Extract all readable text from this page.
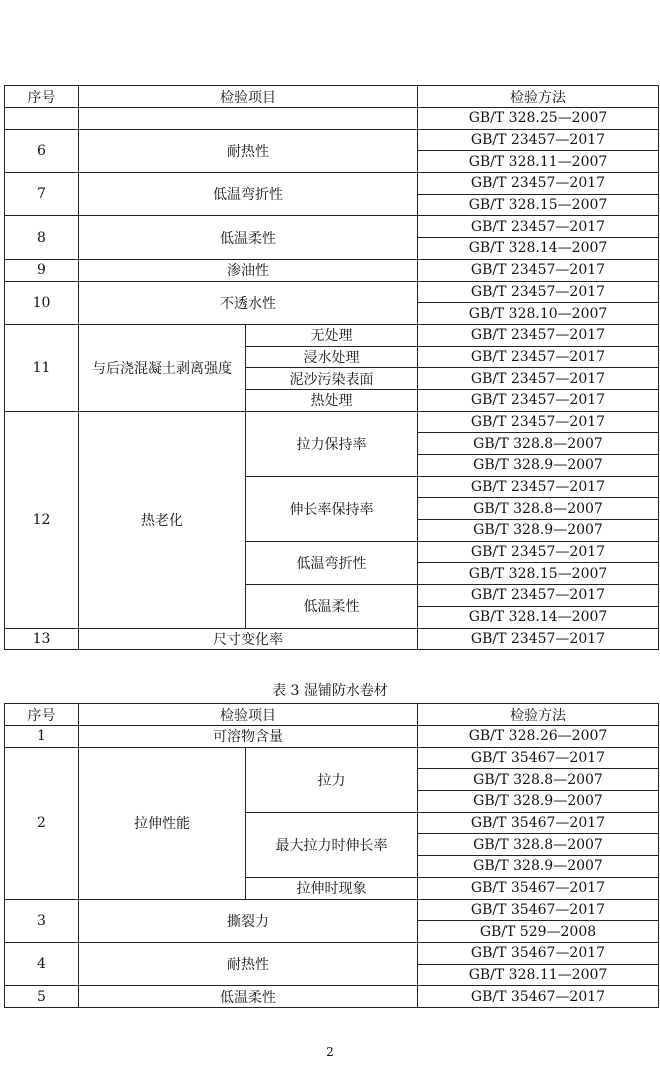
序号	检验项目		检验方法
			GB/T 328.25—2007
6	耐热性		GB/T 23457—2017
			GB/T 328.11—2007
7	低温弯折性		GB/T 23457—2017
			GB/T 328.15—2007
8	低温柔性		GB/T 23457—2017
			GB/T 328.14—2007
9	渗油性		GB/T 23457—2017
10	不透水性		GB/T 23457—2017
			GB/T 328.10—2007
11	与后浇混凝土剥离强度	无处理	GB/T 23457—2017
		浸水处理	GB/T 23457—2017
		泥沙污染表面	GB/T 23457—2017
		热处理	GB/T 23457—2017
12	热老化	拉力保持率	GB/T 23457—2017
			GB/T 328.8—2007
			GB/T 328.9—2007
		伸长率保持率	GB/T 23457—2017
			GB/T 328.8—2007
			GB/T 328.9—2007
		低温弯折性	GB/T 23457—2017
			GB/T 328.15—2007
		低温柔性	GB/T 23457—2017
			GB/T 328.14—2007
13	尺寸变化率		GB/T 23457—2017
表 3 湿铺防水卷材
序号	检验项目		检验方法
1	可溶物含量		GB/T 328.26—2007
2	拉伸性能	拉力	GB/T 35467—2017
			GB/T 328.8—2007
			GB/T 328.9—2007
		最大拉力时伸长率	GB/T 35467—2017
			GB/T 328.8—2007
			GB/T 328.9—2007
		拉伸时现象	GB/T 35467—2017
3	撕裂力		GB/T 35467—2017
			GB/T 529—2008
4	耐热性		GB/T 35467—2017
			GB/T 328.11—2007
5	低温柔性		GB/T 35467—2017
2
